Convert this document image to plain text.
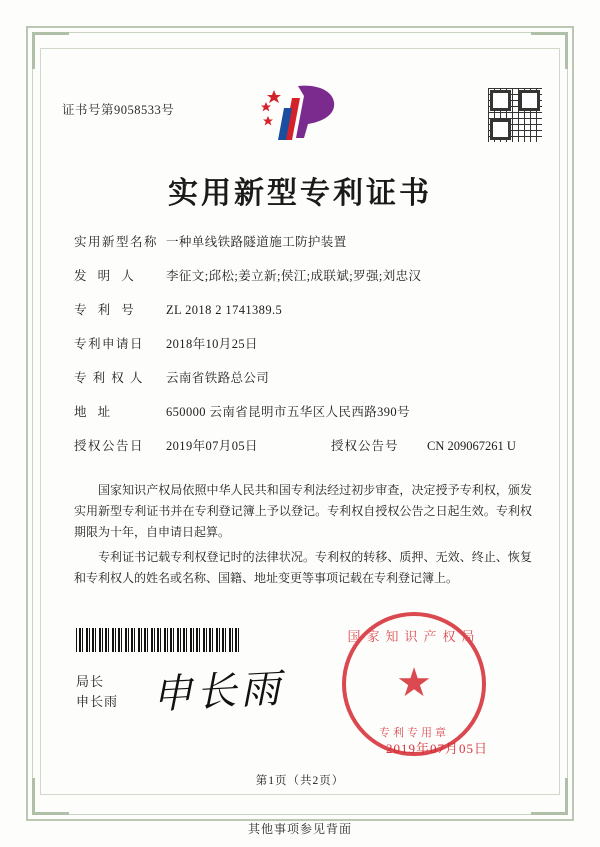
证书号第9058533号
实用新型专利证书
实用新型名称 一种单线铁路隧道施工防护装置
发 明 人	李征文;邱松;姜立新;侯江;成联斌;罗强;刘忠汉
专 利 号	ZL 2018 2 1741389.5
专利申请日	2018年10月25日
专 利 权 人	云南省铁路总公司
地 址	650000 云南省昆明市五华区人民西路390号
授权公告日	2019年07月05日	授权公告号	CN 209067261 U

国家知识产权局依照中华人民共和国专利法经过初步审查，决定授予专利权，颁发实用新型专利证书并在专利登记簿上予以登记。专利权自授权公告之日起生效。专利权期限为十年，自申请日起算。

专利证书记载专利权登记时的法律状况。专利权的转移、质押、无效、终止、恢复和专利权人的姓名或名称、国籍、地址变更等事项记载在专利登记簿上。

局长
申长雨 申长雨
国家知识产权局
★
专利专用章
2019年07月05日
第1页（共2页）
其他事项参见背面
